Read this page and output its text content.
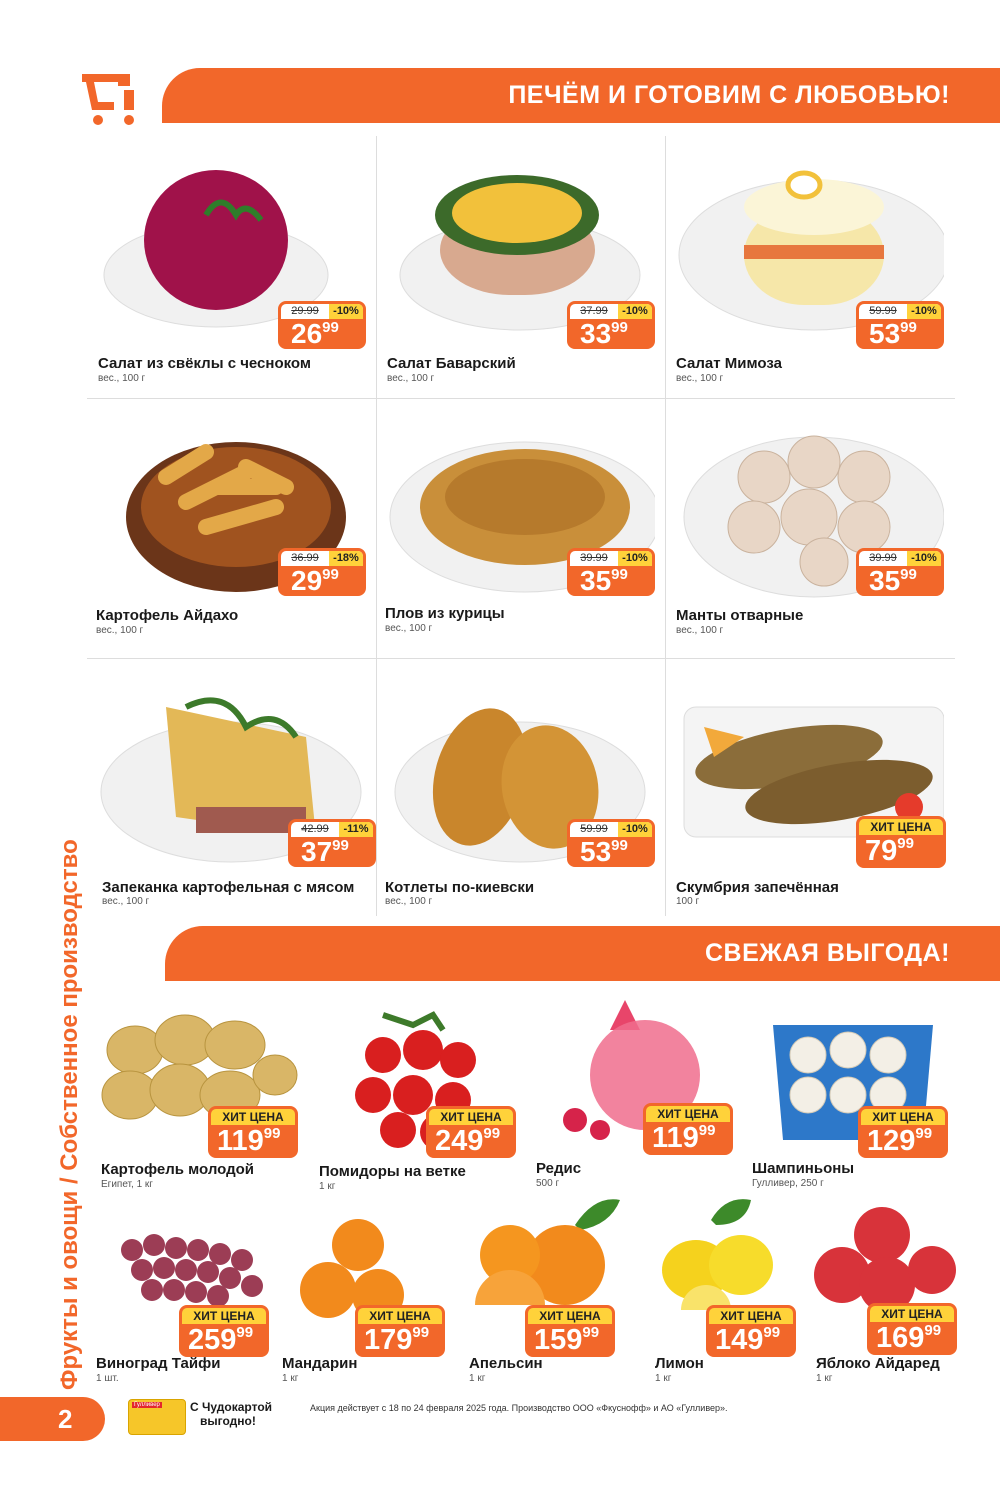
ПЕЧЁМ И ГОТОВИМ С ЛЮБОВЬЮ!
Фрукты и овощи / Собственное производство
29.99	-10%
$26^{99}$
Салат из свёклы с чесноком
вес., 100 г
37.99	-10%
$33^{99}$
Салат Баварский
вес., 100 г
59.99	-10%
$53^{99}$
Салат Мимоза
вес., 100 г
36.99	-18%
$29^{99}$
Картофель Айдахо
вес., 100 г
39.99	-10%
$35^{99}$
Плов из курицы
вес., 100 г
39.99	-10%
$35^{99}$
Манты отварные
вес., 100 г
42.99	-11%
$37^{99}$
Запеканка картофельная с мясом
вес., 100 г
59.99	-10%
$53^{99}$
Котлеты по-киевски
вес., 100 г
ХИТ ЦЕНА
$79^{99}$
Скумбрия запечённая
100 г
СВЕЖАЯ ВЫГОДА!
ХИТ ЦЕНА
$119^{99}$
Картофель молодой
Египет, 1 кг
ХИТ ЦЕНА
$249^{99}$
Помидоры на ветке
1 кг
ХИТ ЦЕНА
$119^{99}$
Редис
500 г
ХИТ ЦЕНА
$129^{99}$
Шампиньоны
Гулливер, 250 г
ХИТ ЦЕНА
$259^{99}$
Виноград Тайфи
1 шт.
ХИТ ЦЕНА
$179^{99}$
Мандарин
1 кг
ХИТ ЦЕНА
$159^{99}$
Апельсин
1 кг
ХИТ ЦЕНА
$149^{99}$
Лимон
1 кг
ХИТ ЦЕНА
$169^{99}$
Яблоко Айдаред
1 кг
2	Гулливер	С Чудокартой
выгодно!
Акция действует с 18 по 24 февраля 2025 года. Производство ООО «Фкуснофф» и АО «Гулливер».
